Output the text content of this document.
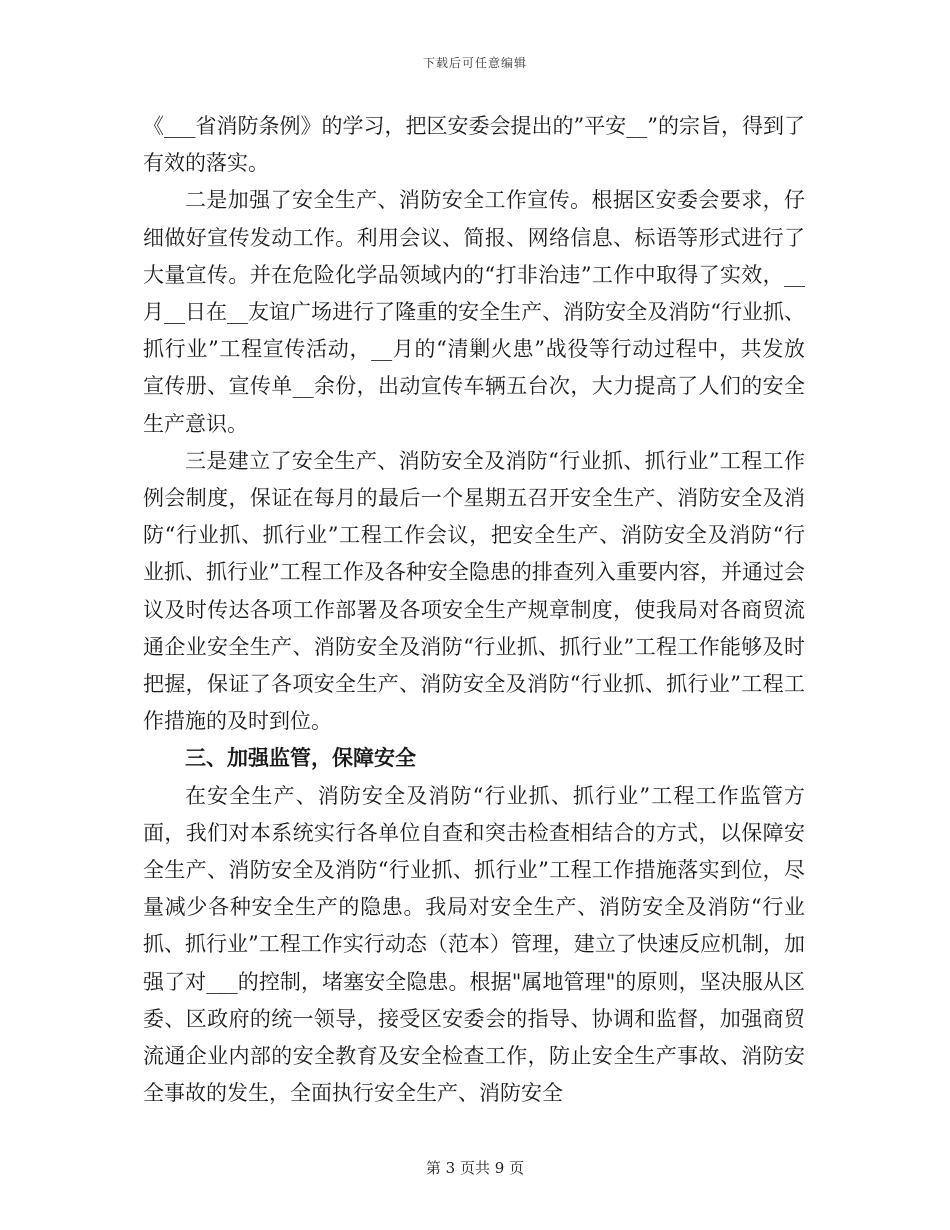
下载后可任意编辑

《___省消防条例》的学习，把区安委会提出的”平安__”的宗旨，得到了有效的落实。

二是加强了安全生产、消防安全工作宣传。根据区安委会要求，仔细做好宣传发动工作。利用会议、简报、网络信息、标语等形式进行了大量宣传。并在危险化学品领域内的“打非治违”工作中取得了实效，__月__日在__友谊广场进行了隆重的安全生产、消防安全及消防“行业抓、抓行业”工程宣传活动，__月的“清剿火患”战役等行动过程中，共发放宣传册、宣传单__余份，出动宣传车辆五台次，大力提高了人们的安全生产意识。

三是建立了安全生产、消防安全及消防“行业抓、抓行业”工程工作例会制度，保证在每月的最后一个星期五召开安全生产、消防安全及消防“行业抓、抓行业”工程工作会议，把安全生产、消防安全及消防“行业抓、抓行业”工程工作及各种安全隐患的排查列入重要内容，并通过会议及时传达各项工作部署及各项安全生产规章制度，使我局对各商贸流通企业安全生产、消防安全及消防“行业抓、抓行业”工程工作能够及时把握，保证了各项安全生产、消防安全及消防“行业抓、抓行业”工程工作措施的及时到位。

三、加强监管，保障安全

在安全生产、消防安全及消防“行业抓、抓行业”工程工作监管方面，我们对本系统实行各单位自查和突击检查相结合的方式，以保障安全生产、消防安全及消防“行业抓、抓行业”工程工作措施落实到位，尽量减少各种安全生产的隐患。我局对安全生产、消防安全及消防“行业抓、抓行业”工程工作实行动态（范本）管理，建立了快速反应机制，加强了对___的控制，堵塞安全隐患。根据"属地管理"的原则，坚决服从区委、区政府的统一领导，接受区安委会的指导、协调和监督，加强商贸流通企业内部的安全教育及安全检查工作，防止安全生产事故、消防安全事故的发生，全面执行安全生产、消防安全

第 3 页共 9 页
